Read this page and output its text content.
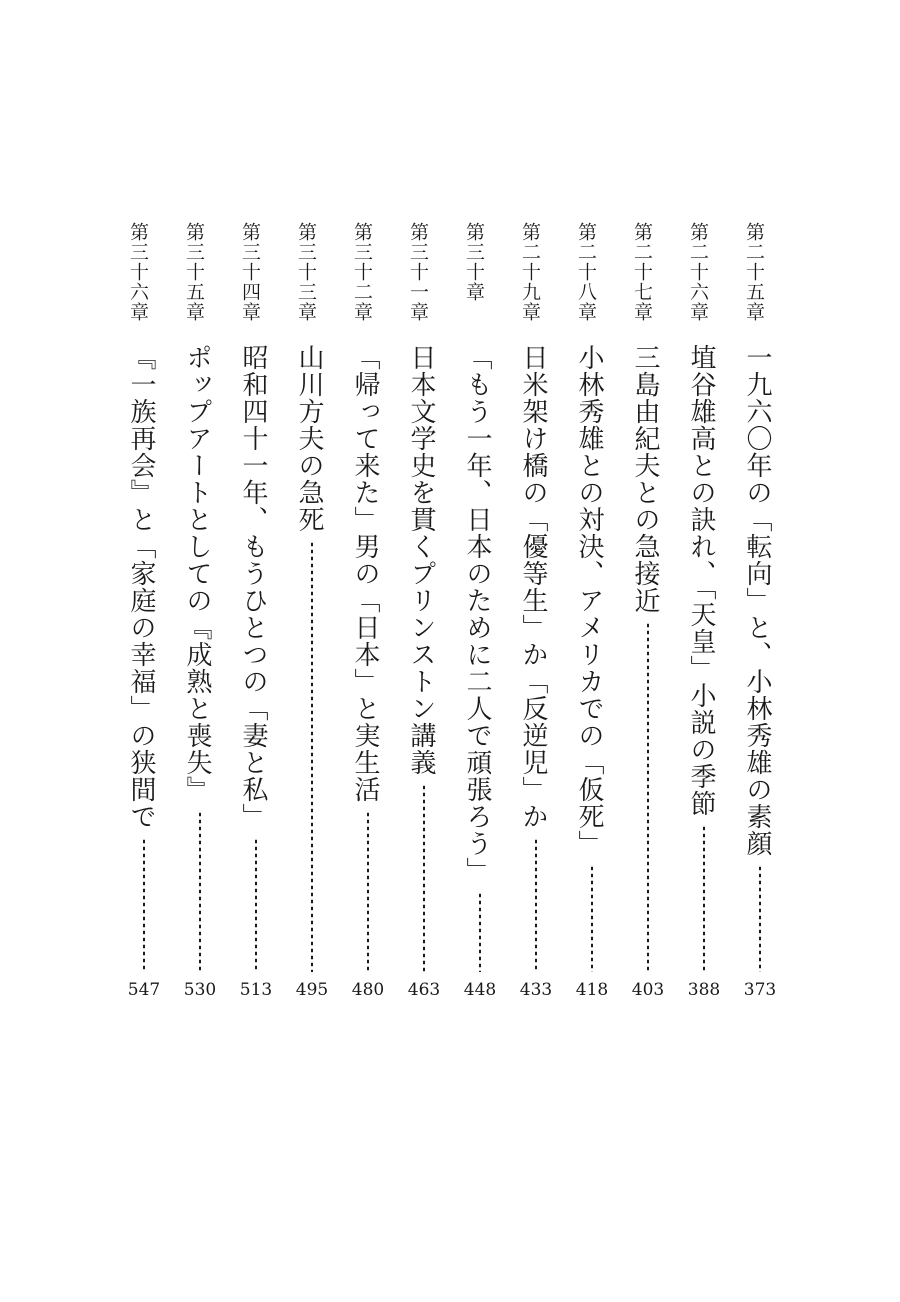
第二十五章
一九六〇年の「転向」と、小林秀雄の素顔
373
第二十六章
埴谷雄高との訣れ、「天皇」小説の季節
388
第二十七章
三島由紀夫との急接近
403
第二十八章
小林秀雄との対決、アメリカでの「仮死」
418
第二十九章
日米架け橋の「優等生」か「反逆児」か
433
第三十章
「もう一年、日本のために二人で頑張ろう」
448
第三十一章
日本文学史を貫くプリンストン講義
463
第三十二章
「帰って来た」男の「日本」と実生活
480
第三十三章
山川方夫の急死
495
第三十四章
昭和四十一年、もうひとつの「妻と私」
513
第三十五章
ポップアートとしての『成熟と喪失』
530
第三十六章
『一族再会』と「家庭の幸福」の狭間で
547
